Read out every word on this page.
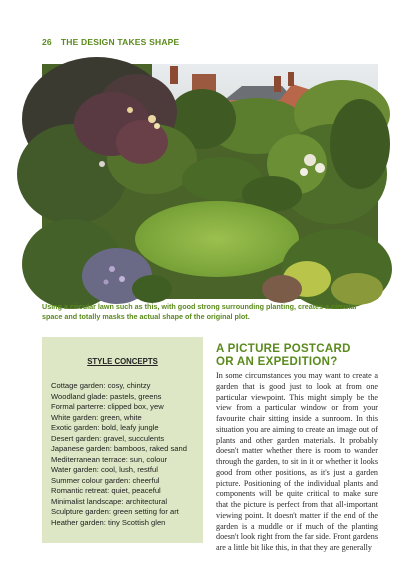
26 THE DESIGN TAKES SHAPE
Using a circular lawn such as this, with good strong surrounding planting, creates a circular space and totally masks the actual shape of the original plot.
STYLE CONCEPTS
Cottage garden: cosy, chintzy
Woodland glade: pastels, greens
Formal parterre: clipped box, yew
White garden: green, white
Exotic garden: bold, leafy jungle
Desert garden: gravel, succulents
Japanese garden: bamboos, raked sand
Mediterranean terrace: sun, colour
Water garden: cool, lush, restful
Summer colour garden: cheerful
Romantic retreat: quiet, peaceful
Minimalist landscape: architectural
Sculpture garden: green setting for art
Heather garden: tiny Scottish glen
A PICTURE POSTCARD
OR AN EXPEDITION?
In some circumstances you may want to create a garden that is good just to look at from one particular viewpoint. This might simply be the view from a particular window or from your favourite chair sitting inside a sunroom. In this situation you are aiming to create an image out of plants and other garden materials. It probably doesn't matter whether there is room to wander through the garden, to sit in it or whether it looks good from other positions, as it's just a garden picture. Positioning of the individual plants and components will be quite critical to make sure that the picture is perfect from that all-important viewing point. It doesn't matter if the end of the garden is a muddle or if much of the planting doesn't look right from the far side. Front gardens are a little bit like this, in that they are generally
